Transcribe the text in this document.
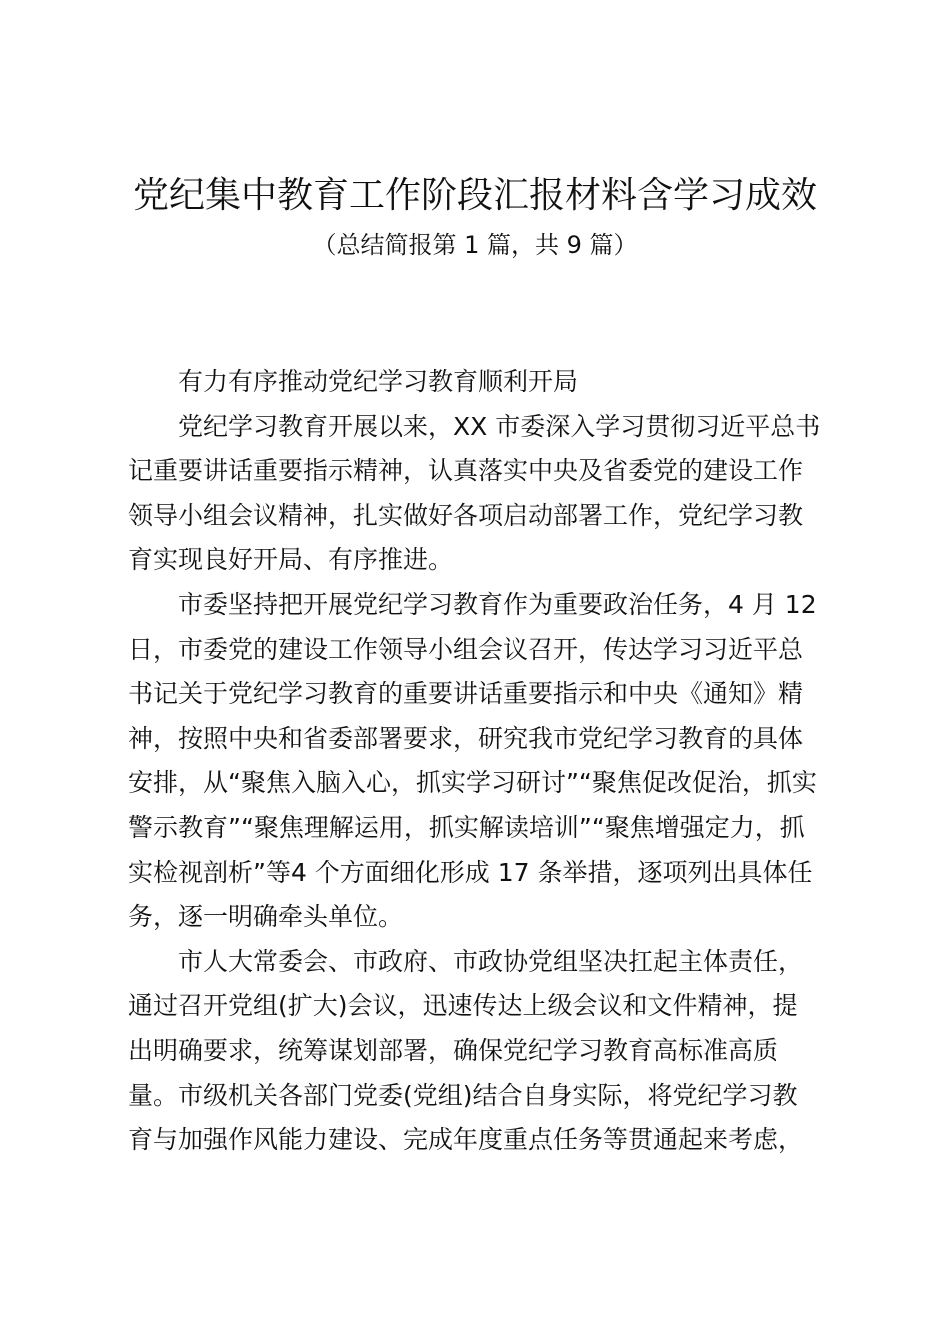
党纪集中教育工作阶段汇报材料含学习成效
（总结简报第 1 篇，共 9 篇）
有力有序推动党纪学习教育顺利开局
党纪学习教育开展以来，XX 市委深入学习贯彻习近平总书
记重要讲话重要指示精神，认真落实中央及省委党的建设工作
领导小组会议精神，扎实做好各项启动部署工作，党纪学习教
育实现良好开局、有序推进。
市委坚持把开展党纪学习教育作为重要政治任务，4 月 12
日，市委党的建设工作领导小组会议召开，传达学习习近平总
书记关于党纪学习教育的重要讲话重要指示和中央《通知》精
神，按照中央和省委部署要求，研究我市党纪学习教育的具体
安排，从“聚焦入脑入心，抓实学习研讨”“聚焦促改促治，抓实
警示教育”“聚焦理解运用，抓实解读培训”“聚焦增强定力，抓
实检视剖析”等4 个方面细化形成 17 条举措，逐项列出具体任
务，逐一明确牵头单位。
市人大常委会、市政府、市政协党组坚决扛起主体责任，
通过召开党组(扩大)会议，迅速传达上级会议和文件精神，提
出明确要求，统筹谋划部署，确保党纪学习教育高标准高质
量。市级机关各部门党委(党组)结合自身实际，将党纪学习教
育与加强作风能力建设、完成年度重点任务等贯通起来考虑，
